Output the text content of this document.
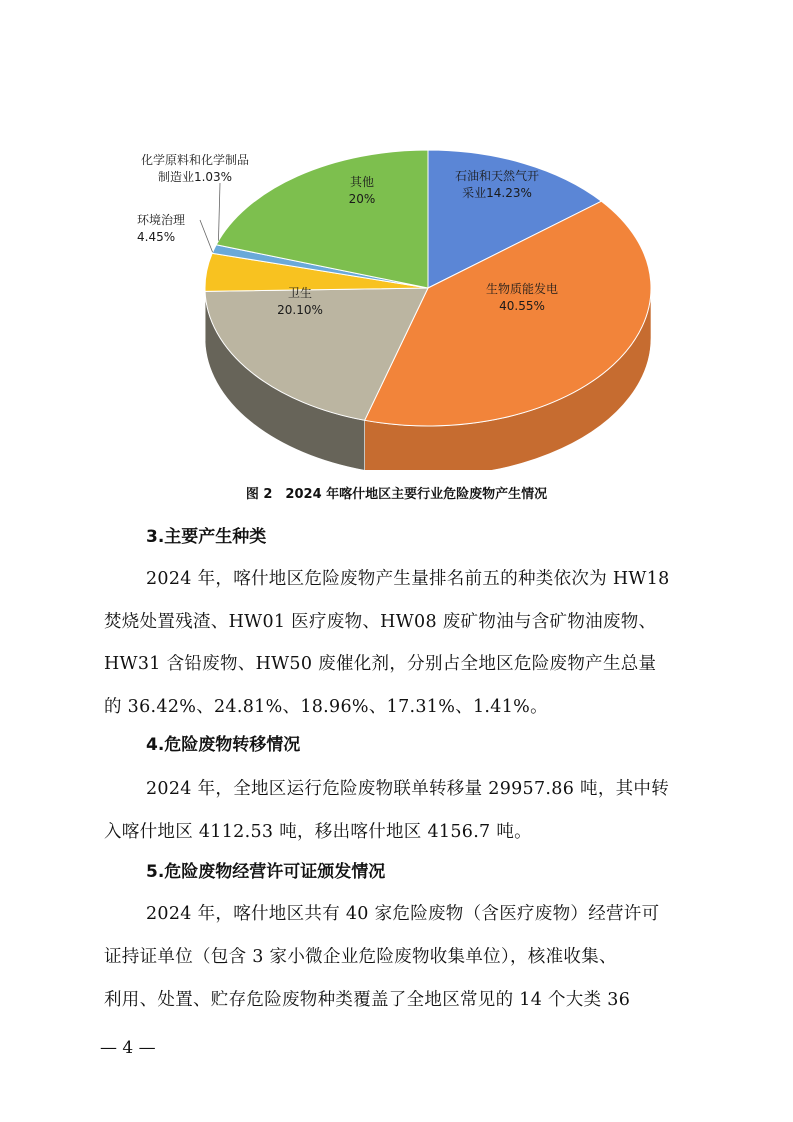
石油和天然气开采业14.23%
生物质能发电 40.55%
卫生 20.10%
环境治理 4.45%
化学原料和化学制品制造业1.03%	其他 20%
图 2　2024 年喀什地区主要行业危险废物产生情况
3.主要产生种类
2024 年，喀什地区危险废物产生量排名前五的种类依次为 HW18
焚烧处置残渣、HW01 医疗废物、HW08 废矿物油与含矿物油废物、
HW31 含铅废物、HW50 废催化剂，分别占全地区危险废物产生总量
的 36.42%、24.81%、18.96%、17.31%、1.41%。
4.危险废物转移情况
2024 年，全地区运行危险废物联单转移量 29957.86 吨，其中转
入喀什地区 4112.53 吨，移出喀什地区 4156.7 吨。
5.危险废物经营许可证颁发情况
2024 年，喀什地区共有 40 家危险废物（含医疗废物）经营许可
证持证单位（包含 3 家小微企业危险废物收集单位），核准收集、
利用、处置、贮存危险废物种类覆盖了全地区常见的 14 个大类 36
— 4 —
